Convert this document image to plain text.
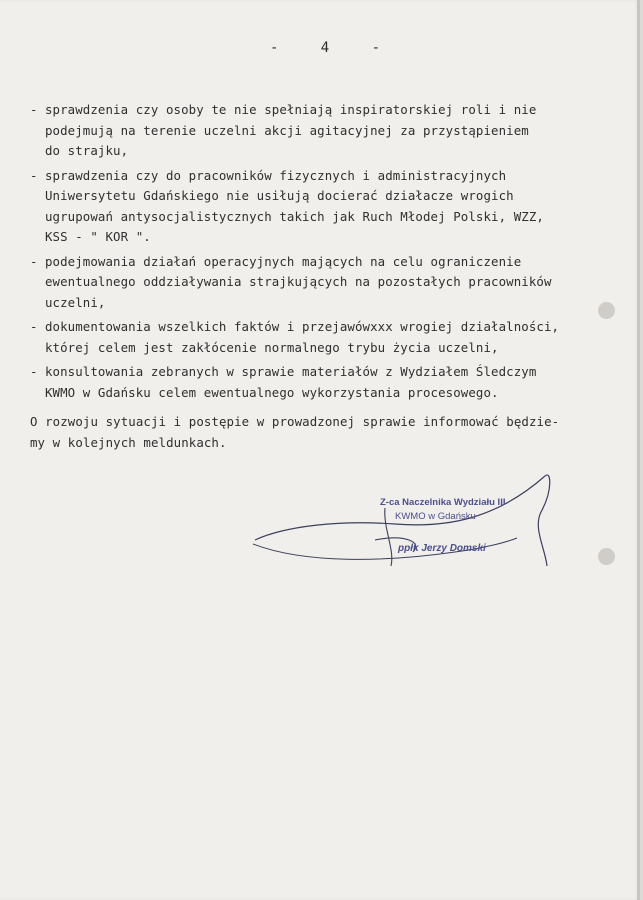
-	4	-
- sprawdzenia czy osoby te nie spełniają inspiratorskiej roli i nie
podejmują na terenie uczelni akcji agitacyjnej za przystąpieniem
do strajku,
- sprawdzenia czy do pracowników fizycznych i administracyjnych
Uniwersytetu Gdańskiego nie usiłują docierać działacze wrogich
ugrupowań antysocjalistycznych takich jak Ruch Młodej Polski, WZZ,
KSS - " KOR ".
- podejmowania działań operacyjnych mających na celu ograniczenie
ewentualnego oddziaływania strajkujących na pozostałych pracowników
uczelni,
- dokumentowania wszelkich faktów i przejawówxxx wrogiej działalności,
której celem jest zakłócenie normalnego trybu życia uczelni,
- konsultowania zebranych w sprawie materiałów z Wydziałem Śledczym
KWMO w Gdańsku celem ewentualnego wykorzystania procesowego.
O rozwoju sytuacji i postępie w prowadzonej sprawie informować będzie-
my w kolejnych meldunkach.
Z-ca Naczelnika Wydziału III
KWMO w Gdańsku
ppłk Jerzy Domski
